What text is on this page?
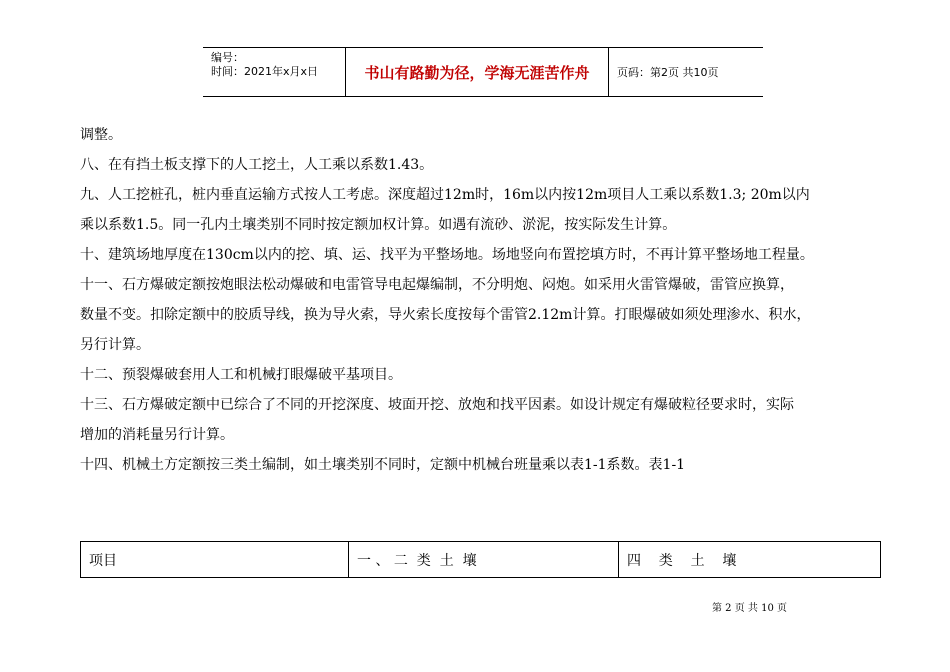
编号：
时间：2021年x月x日	书山有路勤为径，学海无涯苦作舟	页码：第2页 共10页
调整。
八、在有挡土板支撑下的人工挖土，人工乘以系数1.43。
九、人工挖桩孔，桩内垂直运输方式按人工考虑。深度超过12m时，16m以内按12m项目人工乘以系数1.3; 20m以内
乘以系数1.5。同一孔内土壤类别不同时按定额加权计算。如遇有流砂、淤泥，按实际发生计算。
十、建筑场地厚度在130cm以内的挖、填、运、找平为平整场地。场地竖向布置挖填方时，不再计算平整场地工程量。
十一、石方爆破定额按炮眼法松动爆破和电雷管导电起爆编制，不分明炮、闷炮。如采用火雷管爆破，雷管应换算，
数量不变。扣除定额中的胶质导线，换为导火索，导火索长度按每个雷管2.12m计算。打眼爆破如须处理渗水、积水，
另行计算。
十二、预裂爆破套用人工和机械打眼爆破平基项目。
十三、石方爆破定额中已综合了不同的开挖深度、坡面开挖、放炮和找平因素。如设计规定有爆破粒径要求时，实际
增加的消耗量另行计算。
十四、机械土方定额按三类土编制，如土壤类别不同时，定额中机械台班量乘以表1-1系数。表1-1
项目	一 、 二  类  土  壤	四    类    土    壤
第 2 页 共 10 页
